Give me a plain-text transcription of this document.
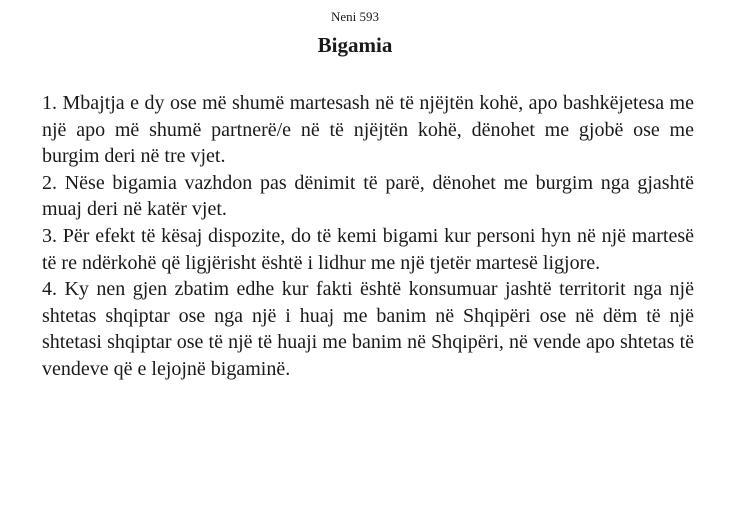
Neni 593
Bigamia

1. Mbajtja e dy ose më shumë martesash në të njëjtën kohë, apo bashkëjetesa me një apo më shumë partnerë/e në të njëjtën kohë, dënohet me gjobë ose me burgim deri në tre vjet.

2. Nëse bigamia vazhdon pas dënimit të parë, dënohet me burgim nga gjashtë muaj deri në katër vjet.

3. Për efekt të kësaj dispozite, do të kemi bigami kur personi hyn në një martesë të re ndërkohë që ligjërisht është i lidhur me një tjetër martesë ligjore.

4. Ky nen gjen zbatim edhe kur fakti është konsumuar jashtë territorit nga një shtetas shqiptar ose nga një i huaj me banim në Shqipëri ose në dëm të një shtetasi shqiptar ose të një të huaji me banim në Shqipëri, në vende apo shtetas të vendeve që e lejojnë bigaminë.
